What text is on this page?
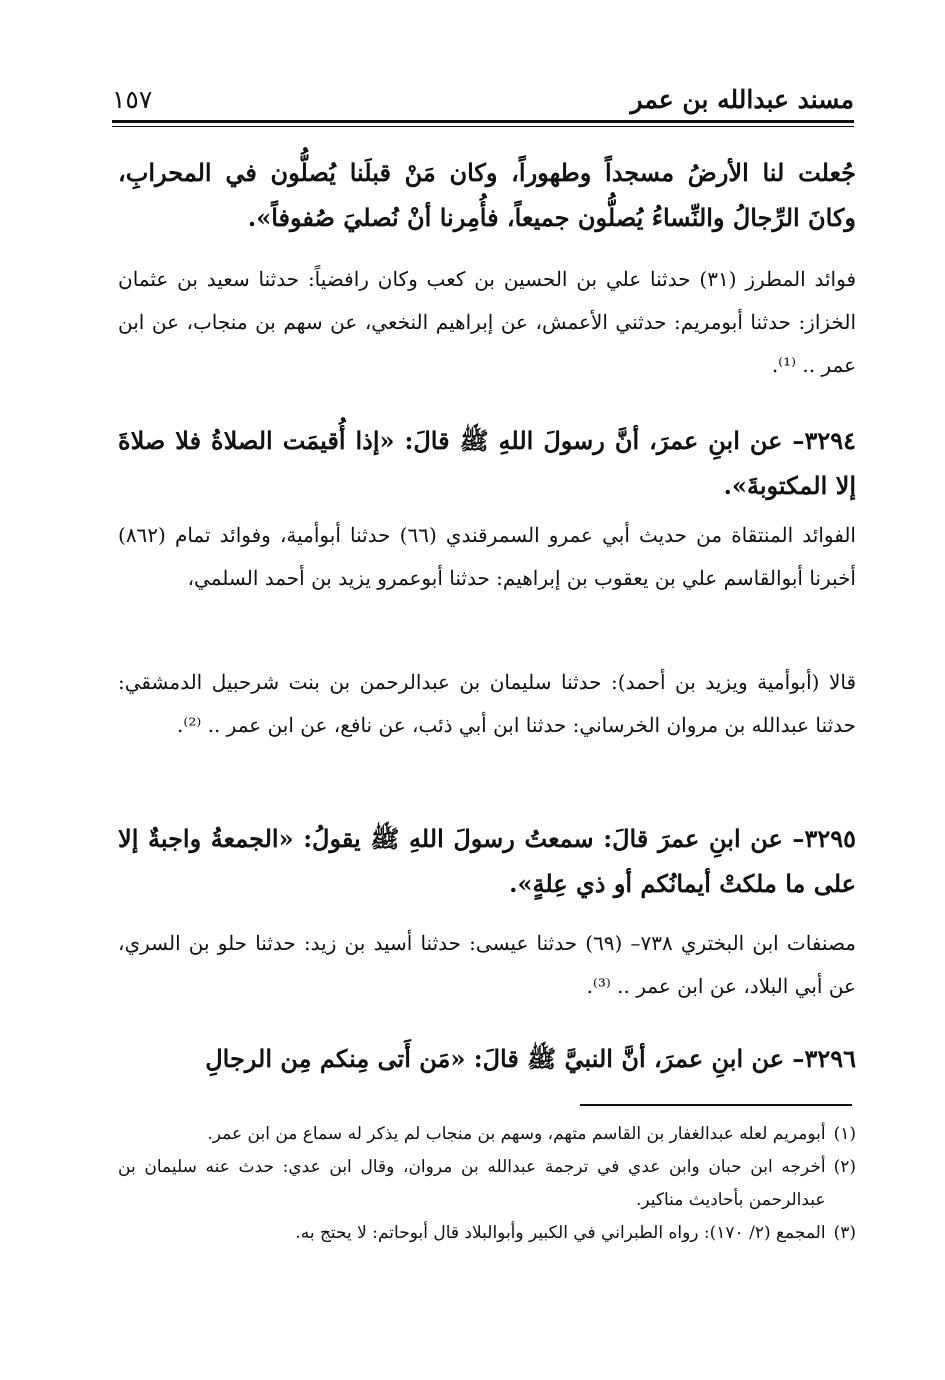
مسند عبدالله بن عمر
١٥٧
جُعلت لنا الأرضُ مسجداً وطهوراً، وكان مَنْ قبلَنا يُصلُّون في المحرابِ، وكانَ الرِّجالُ والنِّساءُ يُصلُّون جميعاً، فأُمِرنا أنْ نُصليَ صُفوفاً».
فوائد المطرز (٣١) حدثنا علي بن الحسين بن كعب وكان رافضياً: حدثنا سعيد بن عثمان الخزاز: حدثنا أبومريم: حدثني الأعمش، عن إبراهيم النخعي، عن سهم بن منجاب، عن ابن عمر .. ⁽¹⁾.
٣٢٩٤– عن ابنِ عمرَ، أنَّ رسولَ اللهِ ﷺ قالَ: «إذا أُقيمَت الصلاةُ فلا صلاةَ إلا المكتوبةَ».
الفوائد المنتقاة من حديث أبي عمرو السمرقندي (٦٦) حدثنا أبوأمية، وفوائد تمام (٨٦٢) أخبرنا أبوالقاسم علي بن يعقوب بن إبراهيم: حدثنا أبوعمرو يزيد بن أحمد السلمي،
قالا (أبوأمية ويزيد بن أحمد): حدثنا سليمان بن عبدالرحمن بن بنت شرحبيل الدمشقي: حدثنا عبدالله بن مروان الخرساني: حدثنا ابن أبي ذئب، عن نافع، عن ابن عمر .. ⁽²⁾.
٣٢٩٥– عن ابنِ عمرَ قالَ: سمعتُ رسولَ اللهِ ﷺ يقولُ: «الجمعةُ واجبةٌ إلا على ما ملكتْ أيمانُكم أو ذي عِلةٍ».
مصنفات ابن البختري ٧٣٨– (٦٩) حدثنا عيسى: حدثنا أسيد بن زيد: حدثنا حلو بن السري، عن أبي البلاد، عن ابن عمر .. ⁽³⁾.
٣٢٩٦– عن ابنِ عمرَ، أنَّ النبيَّ ﷺ قالَ: «مَن أَتى مِنكم مِن الرجالِ
(١)
أبومريم لعله عبدالغفار بن القاسم متهم، وسهم بن منجاب لم يذكر له سماع من ابن عمر.
(٢)
أخرجه ابن حبان وابن عدي في ترجمة عبدالله بن مروان، وقال ابن عدي: حدث عنه سليمان بن عبدالرحمن بأحاديث مناكير.
(٣)
المجمع (٢/ ١٧٠): رواه الطبراني في الكبير وأبوالبلاد قال أبوحاتم: لا يحتج به.
